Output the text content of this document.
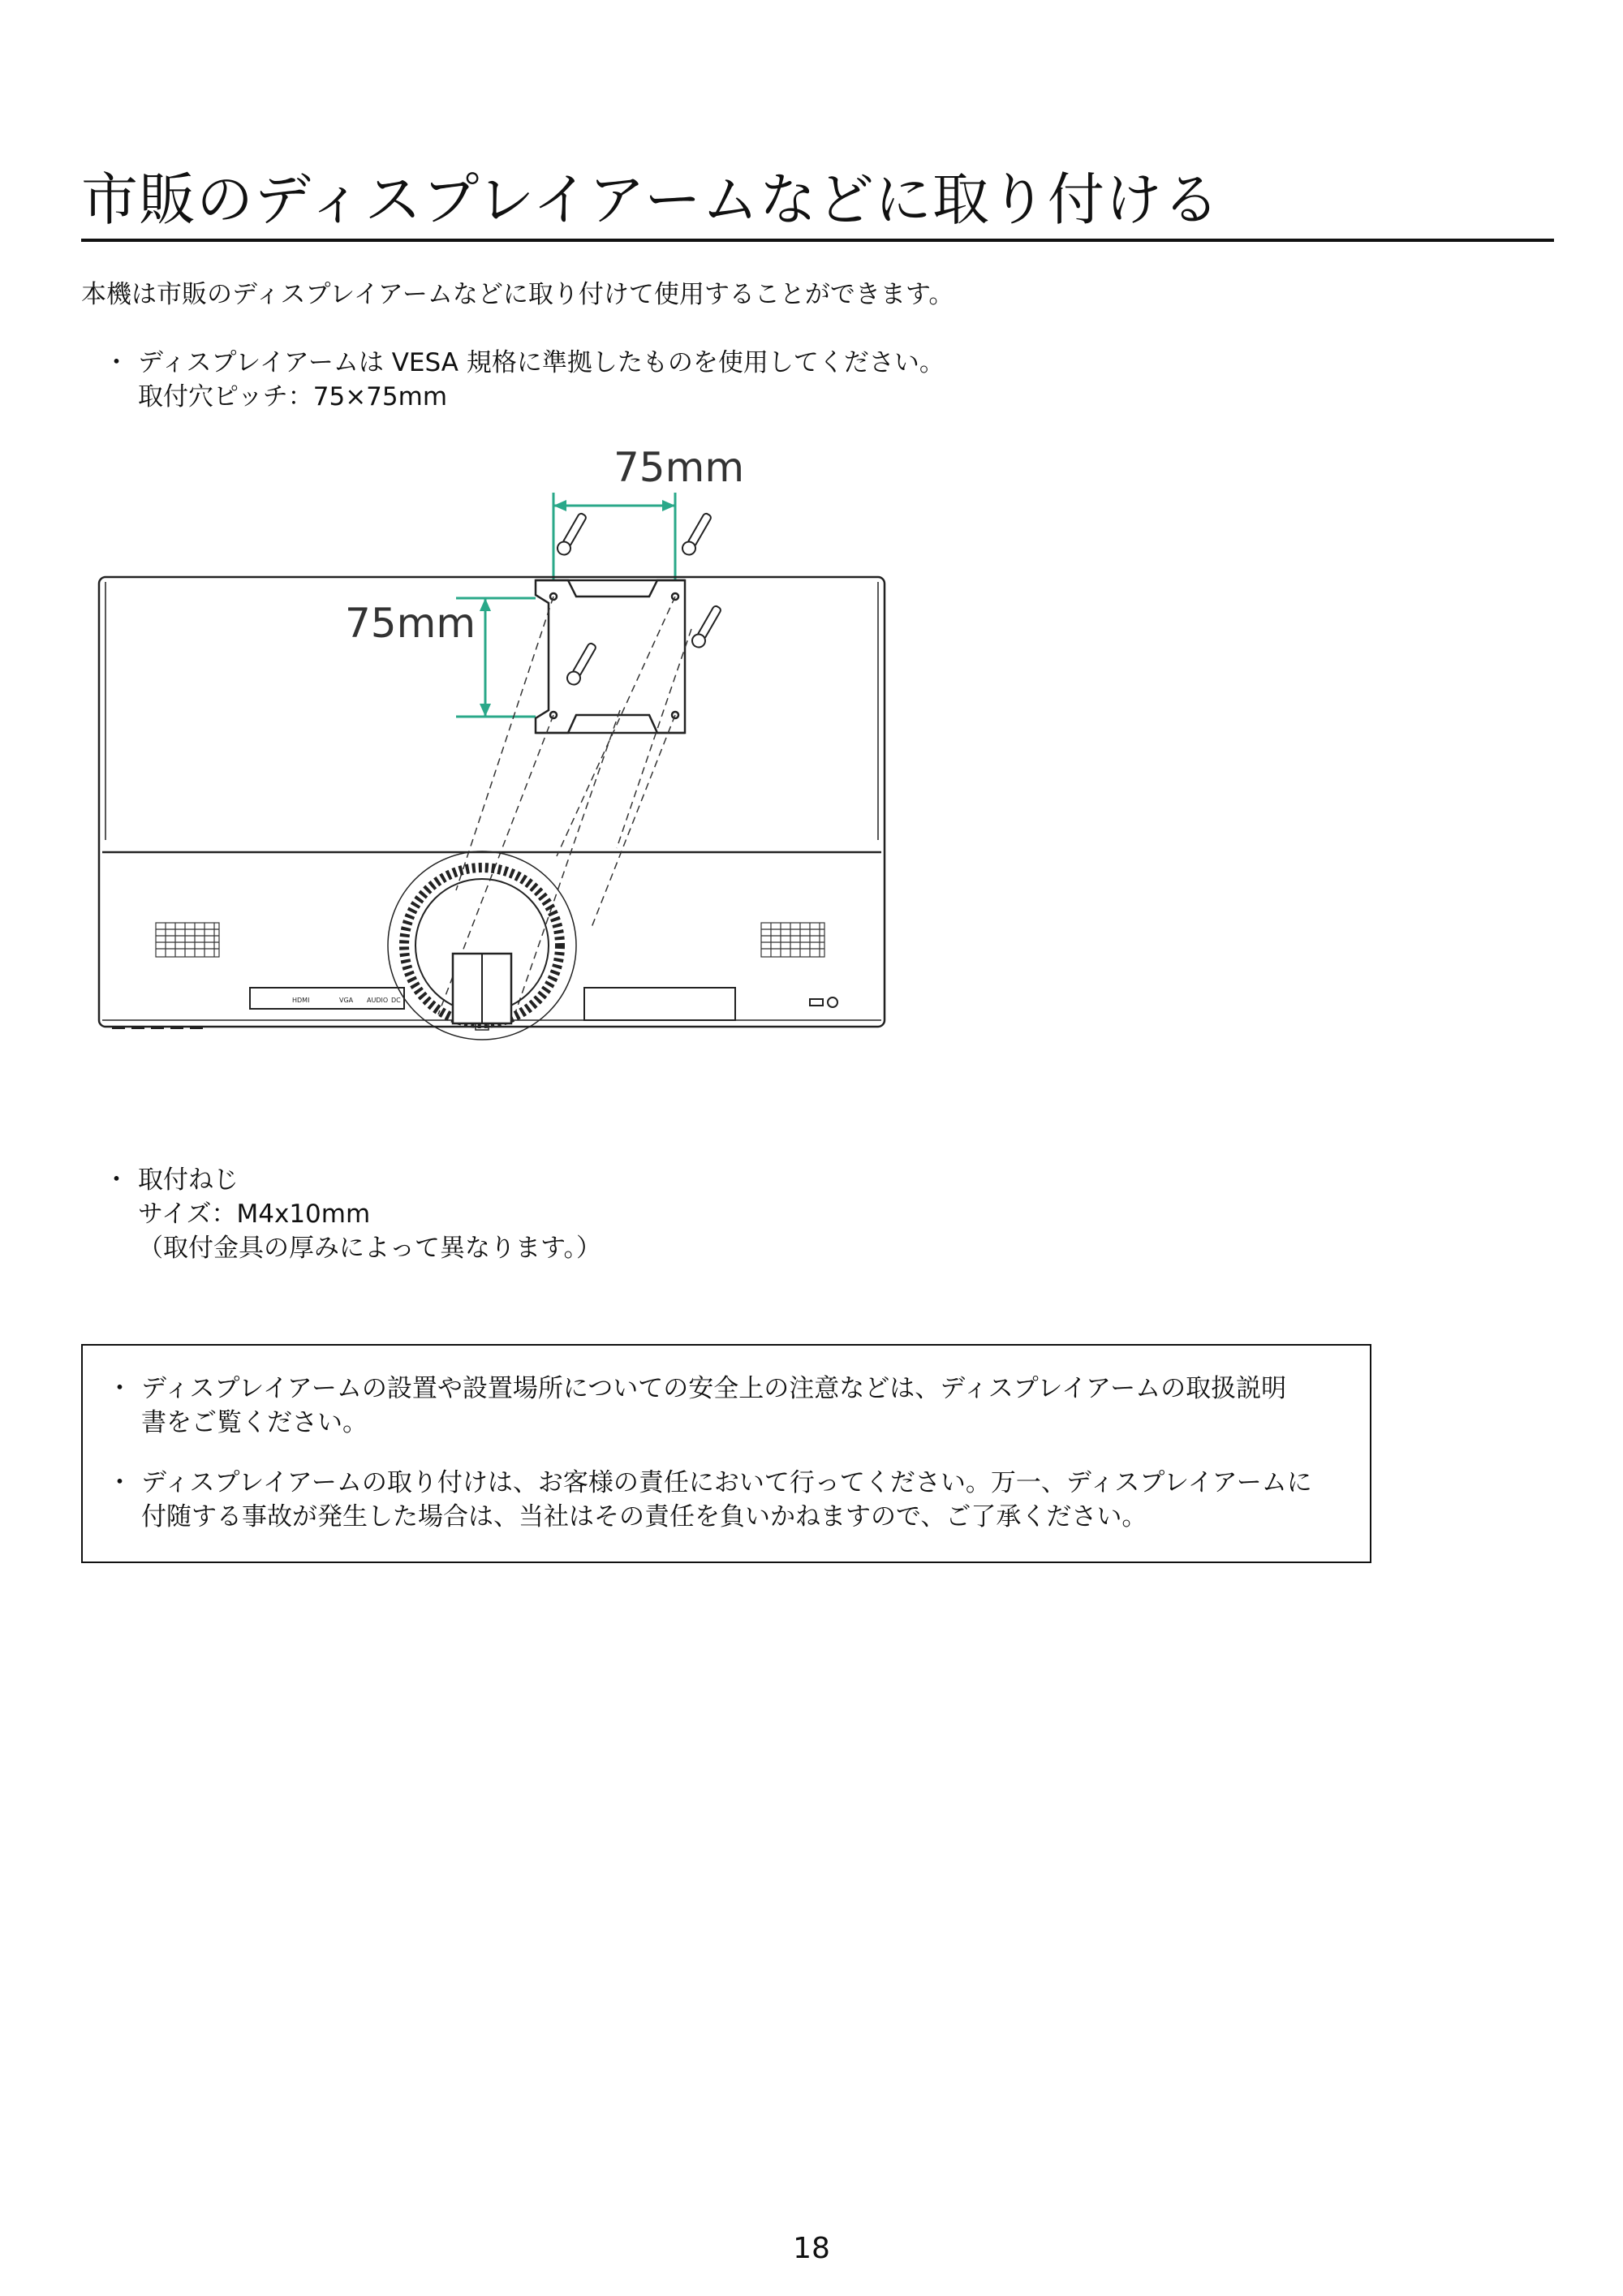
市販のディスプレイアームなどに取り付ける
本機は市販のディスプレイアームなどに取り付けて使用することができます。
・ ディスプレイアームは VESA 規格に準拠したものを使用してください。
取付穴ピッチ：75×75mm
75mm
75mm
HDMI	VGA AUDIO DC
・ 取付ねじ
サイズ：M4x10mm
（取付金具の厚みによって異なります。）
・ ディスプレイアームの設置や設置場所についての安全上の注意などは、ディスプレイアームの取扱説明
書をご覧ください。
・ ディスプレイアームの取り付けは、お客様の責任において行ってください。万一、ディスプレイアームに
付随する事故が発生した場合は、当社はその責任を負いかねますので、ご了承ください。
18
